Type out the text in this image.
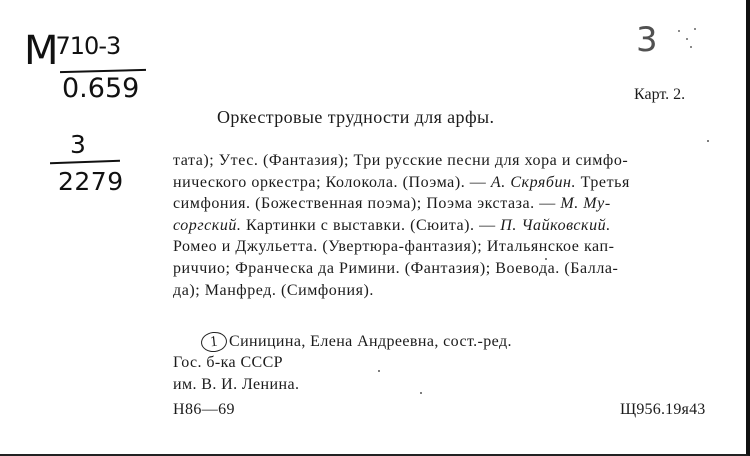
$М^{710-3}$
0.659
3
2279
3
Карт. 2.
Оркестровые трудности для арфы.
тата); Утес. (Фантазия); Три русские песни для хора и симфо-
нического оркестра; Колокола. (Поэма). — А. Скрябин. Третья
симфония. (Божественная поэма); Поэма экстаза. — М. Му-
соргский. Картинки с выставки. (Сюита). — П. Чайковский.
Ромео и Джульетта. (Увертюра-фантазия); Итальянское кап-
риччио; Франческа да Римини. (Фантазия); Воевода. (Балла-
да); Манфред. (Симфония).
1 Синицина, Елена Андреевна, сост.-ред.
Гос. б-ка СССР
им. В. И. Ленина.
Н86—69	Щ956.19я43
